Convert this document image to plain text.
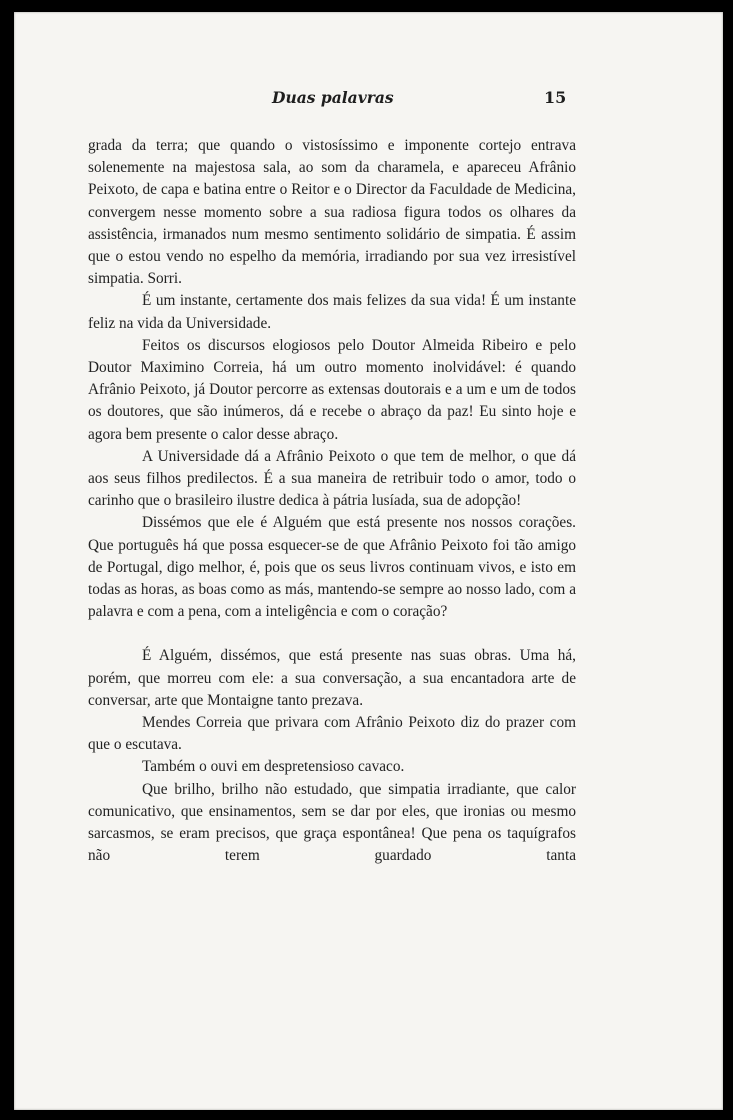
Duas palavras	15

grada da terra; que quando o vistosíssimo e imponente cortejo entrava solenemente na majestosa sala, ao som da charamela, e apareceu Afrânio Peixoto, de capa e batina entre o Reitor e o Director da Faculdade de Medicina, convergem nesse momento sobre a sua radiosa figura todos os olhares da assistência, irmanados num mesmo sentimento solidário de simpatia. É assim que o estou vendo no espelho da memória, irradiando por sua vez irresistível simpatia. Sorri.

É um instante, certamente dos mais felizes da sua vida! É um instante feliz na vida da Universidade.

Feitos os discursos elogiosos pelo Doutor Almeida Ribeiro e pelo Doutor Maximino Correia, há um outro momento inolvidável: é quando Afrânio Peixoto, já Doutor percorre as extensas doutorais e a um e um de todos os doutores, que são inúmeros, dá e recebe o abraço da paz! Eu sinto hoje e agora bem presente o calor desse abraço.

A Universidade dá a Afrânio Peixoto o que tem de melhor, o que dá aos seus filhos predilectos. É a sua maneira de retribuir todo o amor, todo o carinho que o brasileiro ilustre dedica à pátria lusíada, sua de adopção!

Dissémos que ele é Alguém que está presente nos nossos corações. Que português há que possa esquecer-se de que Afrânio Peixoto foi tão amigo de Portugal, digo melhor, é, pois que os seus livros continuam vivos, e isto em todas as horas, as boas como as más, mantendo-se sempre ao nosso lado, com a palavra e com a pena, com a inteligência e com o coração?

É Alguém, dissémos, que está presente nas suas obras. Uma há, porém, que morreu com ele: a sua conversação, a sua encantadora arte de conversar, arte que Montaigne tanto prezava.

Mendes Correia que privara com Afrânio Peixoto diz do prazer com que o escutava.

Também o ouvi em despretensioso cavaco.

Que brilho, brilho não estudado, que simpatia irradiante, que calor comunicativo, que ensinamentos, sem se dar por eles, que ironias ou mesmo sarcasmos, se eram precisos, que graça espontânea! Que pena os taquígrafos não terem guardado tanta
